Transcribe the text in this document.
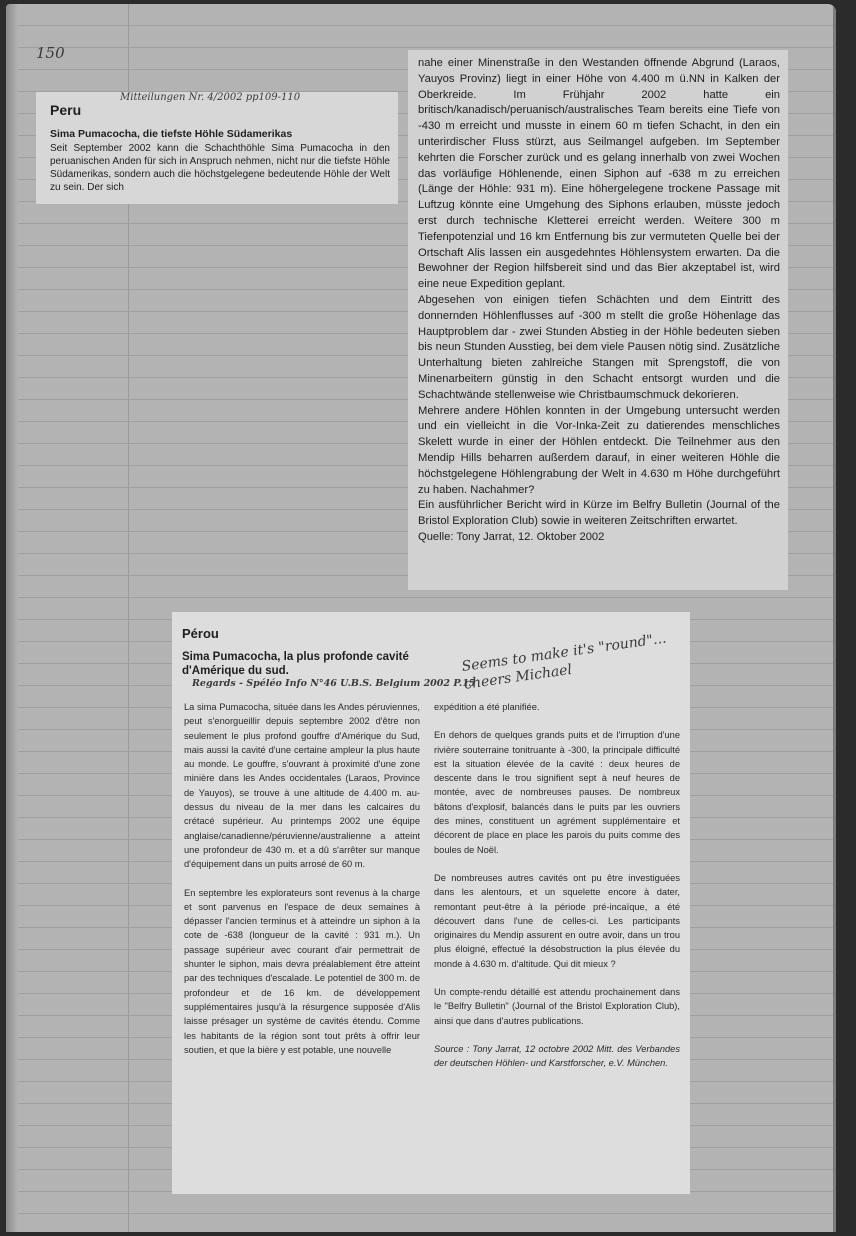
150
Peru
Mitteilungen Nr. 4/2002 pp109-110
Sima Pumacocha, die tiefste Höhle Südamerikas
Seit September 2002 kann die Schachthöhle Sima Pumacocha in den peruanischen Anden für sich in Anspruch nehmen, nicht nur die tiefste Höhle Südamerikas, sondern auch die höchstgelegene bedeutende Höhle der Welt zu sein. Der sich

nahe einer Minenstraße in den Westanden öffnende Abgrund (Laraos, Yauyos Provinz) liegt in einer Höhe von 4.400 m ü.NN in Kalken der Oberkreide. Im Frühjahr 2002 hatte ein britisch/kanadisch/peruanisch/australisches Team bereits eine Tiefe von -430 m erreicht und musste in einem 60 m tiefen Schacht, in den ein unterirdischer Fluss stürzt, aus Seilmangel aufgeben. Im September kehrten die Forscher zurück und es gelang innerhalb von zwei Wochen das vorläufige Höhlenende, einen Siphon auf -638 m zu erreichen (Länge der Höhle: 931 m). Eine höhergelegene trockene Passage mit Luftzug könnte eine Umgehung des Siphons erlauben, müsste jedoch erst durch technische Kletterei erreicht werden. Weitere 300 m Tiefenpotenzial und 16 km Entfernung bis zur vermuteten Quelle bei der Ortschaft Alis lassen ein ausgedehntes Höhlensystem erwarten. Da die Bewohner der Region hilfsbereit sind und das Bier akzeptabel ist, wird eine neue Expedition geplant.

Abgesehen von einigen tiefen Schächten und dem Eintritt des donnernden Höhlenflusses auf -300 m stellt die große Höhenlage das Hauptproblem dar - zwei Stunden Abstieg in der Höhle bedeuten sieben bis neun Stunden Ausstieg, bei dem viele Pausen nötig sind. Zusätzliche Unterhaltung bieten zahlreiche Stangen mit Sprengstoff, die von Minenarbeitern günstig in den Schacht entsorgt wurden und die Schachtwände stellenweise wie Christbaumschmuck dekorieren.

Mehrere andere Höhlen konnten in der Umgebung untersucht werden und ein vielleicht in die Vor-Inka-Zeit zu datierendes menschliches Skelett wurde in einer der Höhlen entdeckt. Die Teilnehmer aus den Mendip Hills beharren außerdem darauf, in einer weiteren Höhle die höchstgelegene Höhlengrabung der Welt in 4.630 m Höhe durchgeführt zu haben. Nachahmer?

Ein ausführlicher Bericht wird in Kürze im Belfry Bulletin (Journal of the Bristol Exploration Club) sowie in weiteren Zeitschriften erwartet.

Quelle: Tony Jarrat, 12. Oktober 2002

Pérou
Sima Pumacocha, la plus profonde cavité d'Amérique du sud.
Regards - Spéléo Info N°46 U.B.S. Belgium 2002 P.15
Seems to make it's "round"... cheers Michael

La sima Pumacocha, située dans les Andes péruviennes, peut s'enorgueillir depuis septembre 2002 d'être non seulement le plus profond gouffre d'Amérique du Sud, mais aussi la cavité d'une certaine ampleur la plus haute au monde. Le gouffre, s'ouvrant à proximité d'une zone minière dans les Andes occidentales (Laraos, Province de Yauyos), se trouve à une altitude de 4.400 m. au-dessus du niveau de la mer dans les calcaires du crétacé supérieur. Au printemps 2002 une équipe anglaise/canadienne/péruvienne/australienne a atteint une profondeur de 430 m. et a dû s'arrêter sur manque d'équipement dans un puits arrosé de 60 m.

En septembre les explorateurs sont revenus à la charge et sont parvenus en l'espace de deux semaines à dépasser l'ancien terminus et à atteindre un siphon à la cote de -638 (longueur de la cavité : 931 m.). Un passage supérieur avec courant d'air permettrait de shunter le siphon, mais devra préalablement être atteint par des techniques d'escalade. Le potentiel de 300 m. de profondeur et de 16 km. de développement supplémentaires jusqu'à la résurgence supposée d'Alis laisse présager un système de cavités étendu. Comme les habitants de la région sont tout prêts à offrir leur soutien, et que la bière y est potable, une nouvelle

expédition a été planifiée.

En dehors de quelques grands puits et de l'irruption d'une rivière souterraine tonitruante à -300, la principale difficulté est la situation élevée de la cavité : deux heures de descente dans le trou signifient sept à neuf heures de montée, avec de nombreuses pauses. De nombreux bâtons d'explosif, balancés dans le puits par les ouvriers des mines, constituent un agrément supplémentaire et décorent de place en place les parois du puits comme des boules de Noël.

De nombreuses autres cavités ont pu être investiguées dans les alentours, et un squelette encore à dater, remontant peut-être à la période pré-incaïque, a été découvert dans l'une de celles-ci. Les participants originaires du Mendip assurent en outre avoir, dans un trou plus éloigné, effectué la désobstruction la plus élevée du monde à 4.630 m. d'altitude. Qui dit mieux ?

Un compte-rendu détaillé est attendu prochainement dans le "Belfry Bulletin" (Journal of the Bristol Exploration Club), ainsi que dans d'autres publications.

Source : Tony Jarrat, 12 octobre 2002 Mitt. des Verbandes der deutschen Höhlen- und Karstforscher, e.V. München.
